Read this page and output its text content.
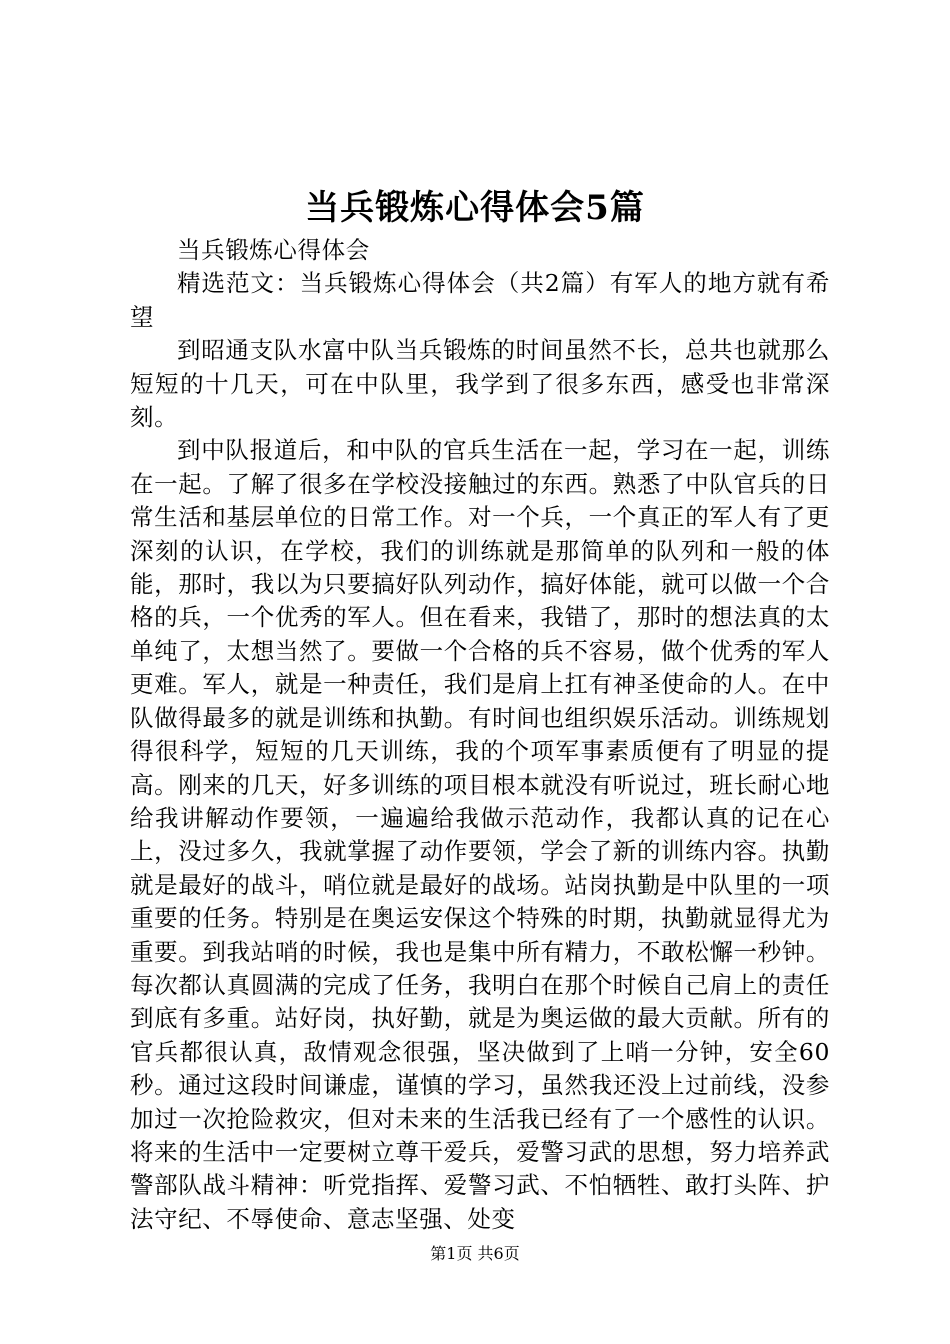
当兵锻炼心得体会5篇

当兵锻炼心得体会

精选范文：当兵锻炼心得体会（共2篇）有军人的地方就有希望

到昭通支队水富中队当兵锻炼的时间虽然不长，总共也就那么短短的十几天，可在中队里，我学到了很多东西，感受也非常深刻。

到中队报道后，和中队的官兵生活在一起，学习在一起，训练在一起。了解了很多在学校没接触过的东西。熟悉了中队官兵的日常生活和基层单位的日常工作。对一个兵，一个真正的军人有了更深刻的认识，在学校，我们的训练就是那简单的队列和一般的体能，那时，我以为只要搞好队列动作，搞好体能，就可以做一个合格的兵，一个优秀的军人。但在看来，我错了，那时的想法真的太单纯了，太想当然了。要做一个合格的兵不容易，做个优秀的军人更难。军人，就是一种责任，我们是肩上扛有神圣使命的人。在中队做得最多的就是训练和执勤。有时间也组织娱乐活动。训练规划得很科学，短短的几天训练，我的个项军事素质便有了明显的提高。刚来的几天，好多训练的项目根本就没有听说过，班长耐心地给我讲解动作要领，一遍遍给我做示范动作，我都认真的记在心上，没过多久，我就掌握了动作要领，学会了新的训练内容。执勤就是最好的战斗，哨位就是最好的战场。站岗执勤是中队里的一项重要的任务。特别是在奥运安保这个特殊的时期，执勤就显得尤为重要。到我站哨的时候，我也是集中所有精力，不敢松懈一秒钟。每次都认真圆满的完成了任务，我明白在那个时候自己肩上的责任到底有多重。站好岗，执好勤，就是为奥运做的最大贡献。所有的官兵都很认真，敌情观念很强，坚决做到了上哨一分钟，安全60秒。通过这段时间谦虚，谨慎的学习，虽然我还没上过前线，没参加过一次抢险救灾，但对未来的生活我已经有了一个感性的认识。将来的生活中一定要树立尊干爱兵，爱警习武的思想，努力培养武警部队战斗精神：听党指挥、爱警习武、不怕牺牲、敢打头阵、护法守纪、不辱使命、意志坚强、处变

第1页 共6页
